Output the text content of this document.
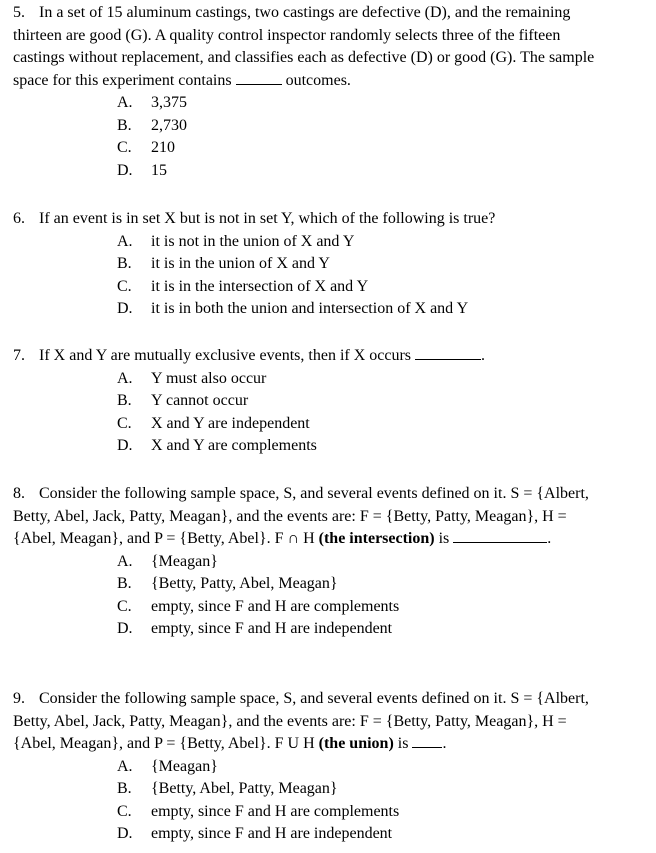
5. In a set of 15 aluminum castings, two castings are defective (D), and the remaining thirteen are good (G). A quality control inspector randomly selects three of the fifteen castings without replacement, and classifies each as defective (D) or good (G). The sample space for this experiment contains	outcomes.
A. 3,375
B. 2,730
C. 210
D. 15
6. If an event is in set X but is not in set Y, which of the following is true?
A. it is not in the union of X and Y
B. it is in the union of X and Y
C. it is in the intersection of X and Y
D. it is in both the union and intersection of X and Y
7. If X and Y are mutually exclusive events, then if X occurs	.
A. Y must also occur
B. Y cannot occur
C. X and Y are independent
D. X and Y are complements
8. Consider the following sample space, S, and several events defined on it. S = {Albert, Betty, Abel, Jack, Patty, Meagan}, and the events are: F = {Betty, Patty, Meagan}, H = {Abel, Meagan}, and P = {Betty, Abel}. F ∩ H (the intersection) is	.
A. {Meagan}
B. {Betty, Patty, Abel, Meagan}
C. empty, since F and H are complements
D. empty, since F and H are independent
9. Consider the following sample space, S, and several events defined on it. S = {Albert, Betty, Abel, Jack, Patty, Meagan}, and the events are: F = {Betty, Patty, Meagan}, H = {Abel, Meagan}, and P = {Betty, Abel}. F U H (the union) is .
A. {Meagan}
B. {Betty, Abel, Patty, Meagan}
C. empty, since F and H are complements
D. empty, since F and H are independent
